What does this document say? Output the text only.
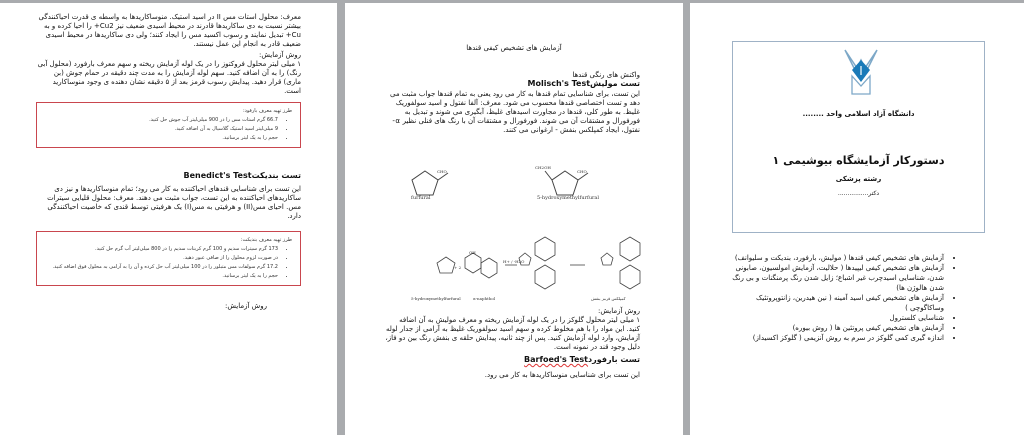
معرف: محلول استات مس II در اسید استیک. منوساکاریدها به واسطه ی قدرت احیاکنندگی بیشتر نسبت به دی ساکاریدها قادرند در محیط اسیدی ضعیف نیز Cu2+ را احیا کرده و به Cu+ تبدیل نمایند و رسوب اکسید مس را ایجاد کنند؛ ولی دی ساکاریدها در محیط اسیدی ضعیف قادر به انجام این عمل نیستند.
روش آزمایش:
۱ میلی لیتر محلول فروکتوز را در یک لوله آزمایش ریخته و سهم معرف بارفورد (محلول آبی رنگ) را به آن اضافه کنید. سهم لوله آزمایش را به مدت چند دقیقه در حمام جوش (بن ماری) قرار دهید. پیدایش رسوب قرمز بعد از ۵ دقیقه نشان دهنده ی وجود منوساکارید است.
طرز تهیه معرف بارفود:
• 66.7 گرم استات مس را در 900 میلی‌لیتر آب جوش حل کنید.
• 9 میلی‌لیتر اسید استیک گلاسیال به آن اضافه کنید.
• حجم را به یک لیتر برسانید.
تست بندیکتBenedict's Test
این تست برای شناسایی قندهای احیاکننده به کار می رود؛ تمام منوساکاریدها و نیز دی ساکاریدهای احیاکننده به این تست، جواب مثبت می دهند. معرف: محلول قلیایی سیترات مس. احیای مس(II) و هرفیتی به مس(I) یک هرفیتی توسط قندی که خاصیت احیاکنندگی دارد.
طرز تهیه معرف بندیکت:
• 173 گرم سیترات سدیم و 100 گرم کربنات سدیم را در 800 میلی‌لیتر آب گرم حل کنید.
• در صورت لزوم محلول را از صافی عبور دهید.
• 17.2 گرم سولفات مس متبلور را در 100 میلی‌لیتر آب حل کرده و آن را به آرامی به محلول فوق اضافه کنید.
• حجم را به یک لیتر برسانید.
روش آزمایش:
آزمایش های تشخیص کیفی قندها
واکنش های رنگی قندها
تست مولیشMolisch's Test
این تست، برای شناسایی تمام قندها به کار می رود یعنی به تمام قندها جواب مثبت می دهد و تست اختصاصی قندها محسوب می شود. معرف: آلفا نفتول و اسید سولفوریک غلیظ. به طور کلی، قندها در مجاورت اسیدهای غلیظ، آبگیری می شوند و تبدیل به فورفورال و مشتقات آن می شوند. فورفورال و مشتقات آن با رنگ های فنلی نظیر α-نفتول، ایجاد کمپلکس بنفش - ارغوانی می کنند.
CHO	CHO
CH2OH
furfural	5-hydroxymethylfurfural
+ 2
H+ / -H2O
OH
5-hydroxymethylfurfural	α-naphthol	کمپلکس قرمز بنفش
روش آزمایش:
۱ میلی لیتر محلول گلوکز را در یک لوله آزمایش ریخته و معرف مولیش به آن اضافه کنید. این مواد را با هم مخلوط کرده و سهم اسید سولفوریک غلیظ به آرامی از جدار لوله آزمایش، وارد لوله آزمایش کنید. پس از چند ثانیه، پیدایش حلقه ی بنفش رنگ بین دو فاز، دلیل وجود قند در نمونه است.
تست بارفوردBarfoed's Test
این تست برای شناسایی منوساکاریدها به کار می رود.
دانشگاه آزاد اسلامی واحد ........
دستورکار آزمایشگاه بیوشیمی ۱
رشته پزشکی
دکتر................
• آزمایش های تشخیص کیفی قندها ( مولیش، بارفورد، بندیکت و سلیوانف)
• آزمایش های تشخیص کیفی لیپیدها ( حلالیت، آزمایش امولسیون، صابونی شدن، شناسایی اسیدچرب غیر اشباع؛ زایل شدن رنگ پرمنگنات و بی رنگ شدن هالوژن ها)
• آزمایش های تشخیص کیفی اسید آمینه ( نین هیدرین، زانتوپروتئیک وساکاگوچی )
• شناسایی کلسترول
• آزمایش های تشخیص کیفی پروتئین ها ( روش بیوره)
• اندازه گیری کمی گلوکز در سرم به روش آنزیمی ( گلوکز اکسیداز)
